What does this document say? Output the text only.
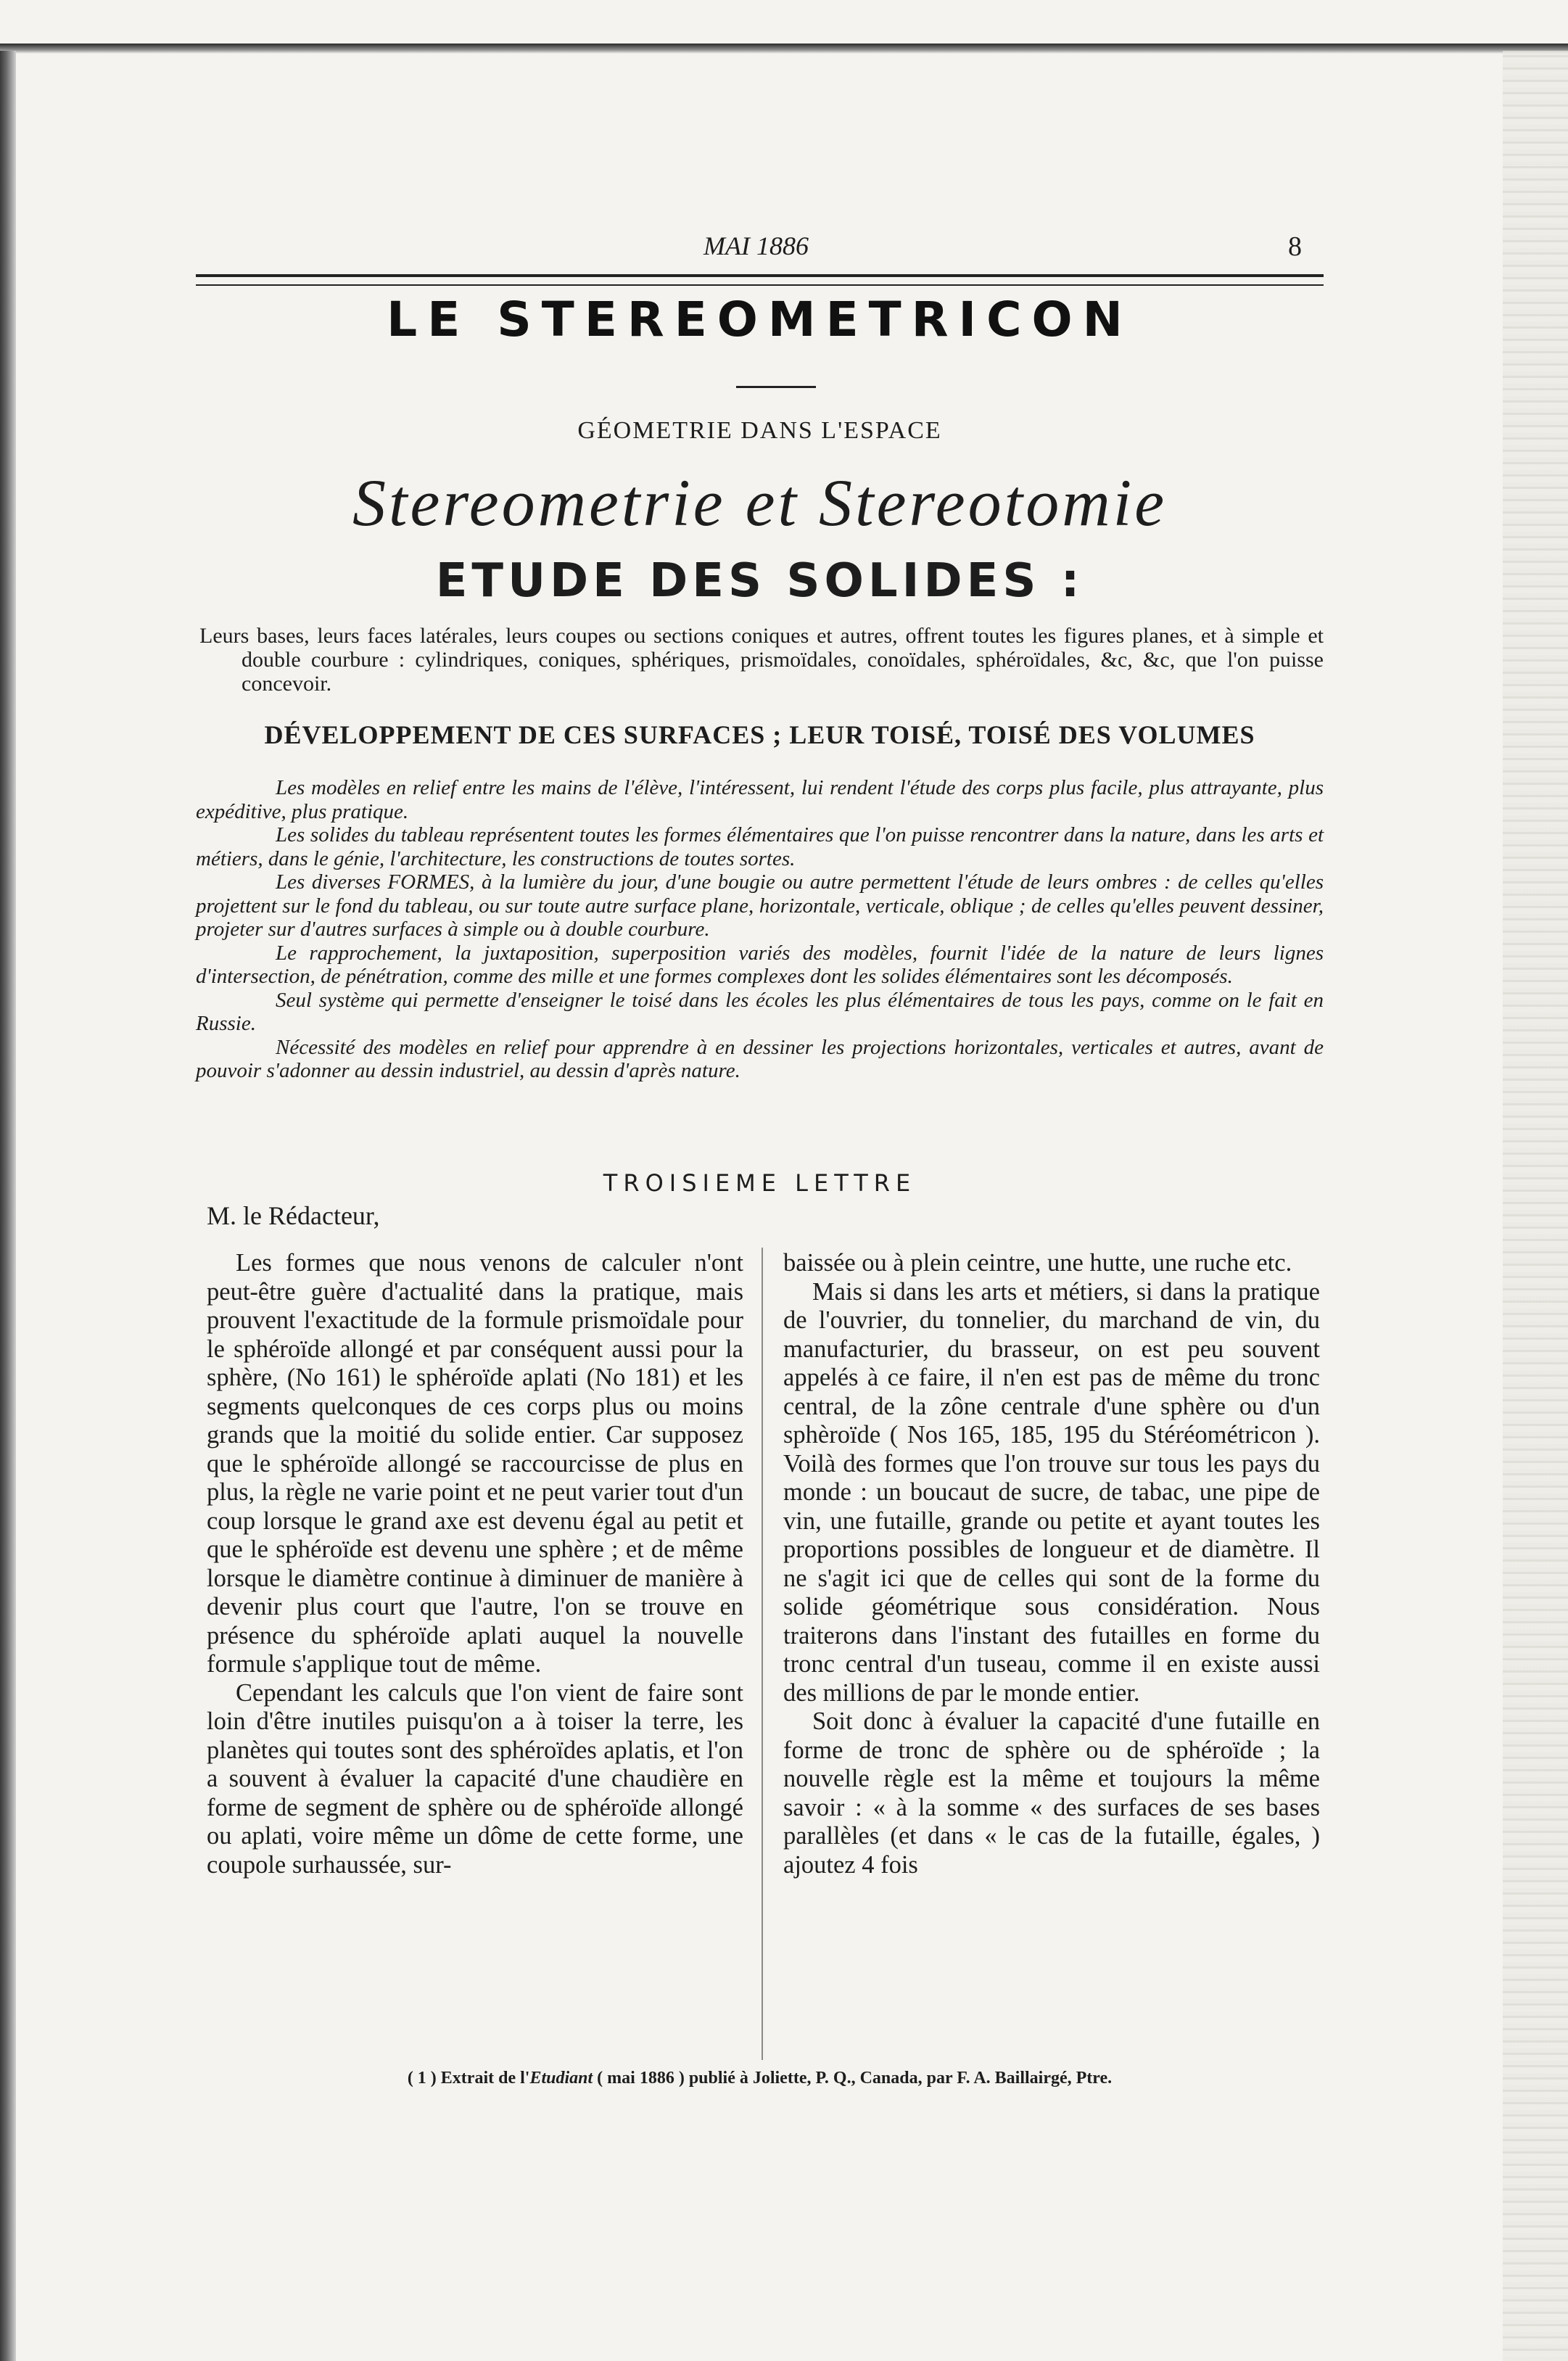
MAI 1886	8
LE STEREOMETRICON
GÉOMETRIE DANS L'ESPACE
Stereometrie et Stereotomie
ETUDE DES SOLIDES :

Leurs bases, leurs faces latérales, leurs coupes ou sections coniques et autres, offrent toutes les figures planes, et à simple et double courbure : cylindriques, coniques, sphériques, prismoïdales, conoïdales, sphéroïdales, &c, &c, que l'on puisse concevoir.

DÉVELOPPEMENT DE CES SURFACES ; LEUR TOISÉ, TOISÉ DES VOLUMES

Les modèles en relief entre les mains de l'élève, l'intéressent, lui rendent l'étude des corps plus facile, plus attrayante, plus expéditive, plus pratique.

Les solides du tableau représentent toutes les formes élémentaires que l'on puisse rencontrer dans la nature, dans les arts et métiers, dans le génie, l'architecture, les constructions de toutes sortes.

Les diverses FORMES, à la lumière du jour, d'une bougie ou autre permettent l'étude de leurs ombres : de celles qu'elles projettent sur le fond du tableau, ou sur toute autre surface plane, horizontale, verticale, oblique ; de celles qu'elles peuvent dessiner, projeter sur d'autres surfaces à simple ou à double courbure.

Le rapprochement, la juxtaposition, superposition variés des modèles, fournit l'idée de la nature de leurs lignes d'intersection, de pénétration, comme des mille et une formes complexes dont les solides élémentaires sont les décomposés.

Seul système qui permette d'enseigner le toisé dans les écoles les plus élémentaires de tous les pays, comme on le fait en Russie.

Nécessité des modèles en relief pour apprendre à en dessiner les projections horizontales, verticales et autres, avant de pouvoir s'adonner au dessin industriel, au dessin d'après nature.

TROISIEME LETTRE
M. le Rédacteur,

Les formes que nous venons de calculer n'ont peut-être guère d'actualité dans la pratique, mais prouvent l'exactitude de la formule prismoïdale pour le sphéroïde allongé et par conséquent aussi pour la sphère, (No 161) le sphéroïde aplati (No 181) et les segments quelconques de ces corps plus ou moins grands que la moitié du solide entier. Car supposez que le sphéroïde allongé se raccourcisse de plus en plus, la règle ne varie point et ne peut varier tout d'un coup lorsque le grand axe est devenu égal au petit et que le sphéroïde est devenu une sphère ; et de même lorsque le diamètre continue à diminuer de manière à devenir plus court que l'autre, l'on se trouve en présence du sphéroïde aplati auquel la nouvelle formule s'applique tout de même.

Cependant les calculs que l'on vient de faire sont loin d'être inutiles puisqu'on a à toiser la terre, les planètes qui toutes sont des sphéroïdes aplatis, et l'on a souvent à évaluer la capacité d'une chaudière en forme de segment de sphère ou de sphéroïde allongé ou aplati, voire même un dôme de cette forme, une coupole surhaussée, sur-

baissée ou à plein ceintre, une hutte, une ruche etc.

Mais si dans les arts et métiers, si dans la pratique de l'ouvrier, du tonnelier, du marchand de vin, du manufacturier, du brasseur, on est peu souvent appelés à ce faire, il n'en est pas de même du tronc central, de la zône centrale d'une sphère ou d'un sphèroïde ( Nos 165, 185, 195 du Stéréométricon ). Voilà des formes que l'on trouve sur tous les pays du monde : un boucaut de sucre, de tabac, une pipe de vin, une futaille, grande ou petite et ayant toutes les proportions possibles de longueur et de diamètre. Il ne s'agit ici que de celles qui sont de la forme du solide géométrique sous considération. Nous traiterons dans l'instant des futailles en forme du tronc central d'un tuseau, comme il en existe aussi des millions de par le monde entier.

Soit donc à évaluer la capacité d'une futaille en forme de tronc de sphère ou de sphéroïde ; la nouvelle règle est la même et toujours la même savoir : « à la somme « des surfaces de ses bases parallèles (et dans « le cas de la futaille, égales, ) ajoutez 4 fois

( 1 ) Extrait de l'Etudiant ( mai 1886 ) publié à Joliette, P. Q., Canada, par F. A. Baillairgé, Ptre.
